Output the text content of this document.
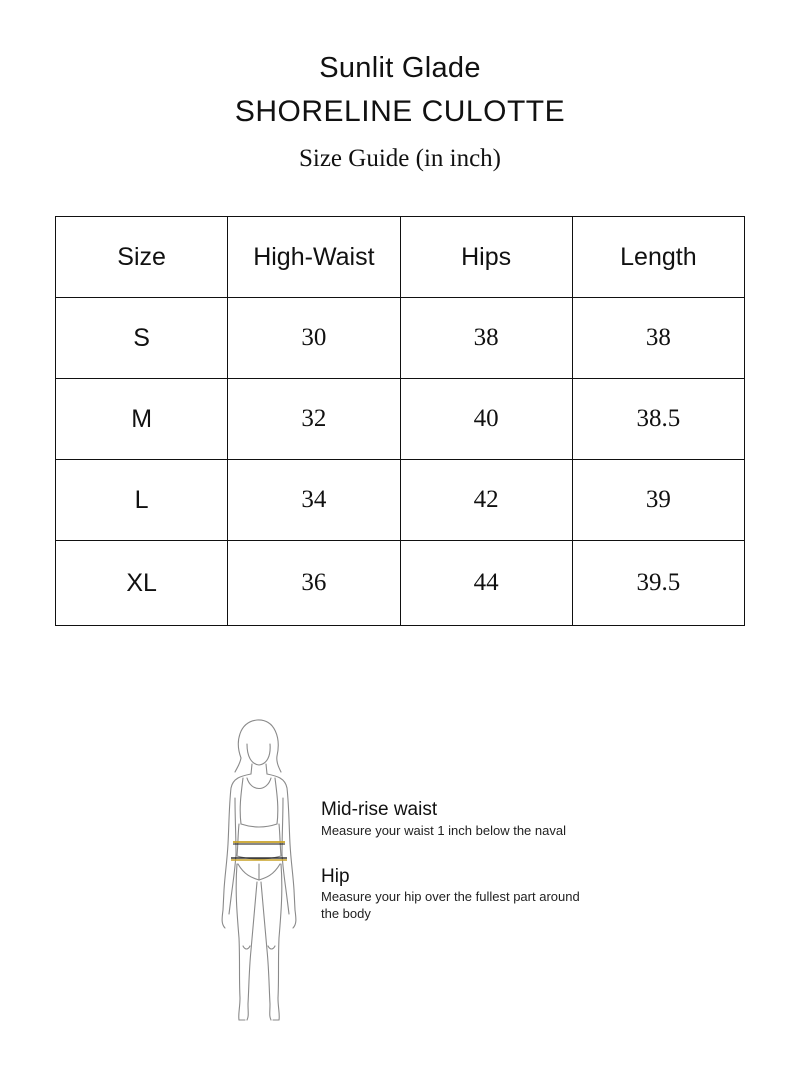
Sunlit Glade
SHORELINE CULOTTE
Size Guide (in inch)
Size	High-Waist	Hips	Length
S	30	38	38
M	32	40	38.5
L	34	42	39
XL	36	44	39.5
Mid-rise waist
Measure your waist 1 inch below the naval
Hip
Measure your hip over the fullest part around the body
